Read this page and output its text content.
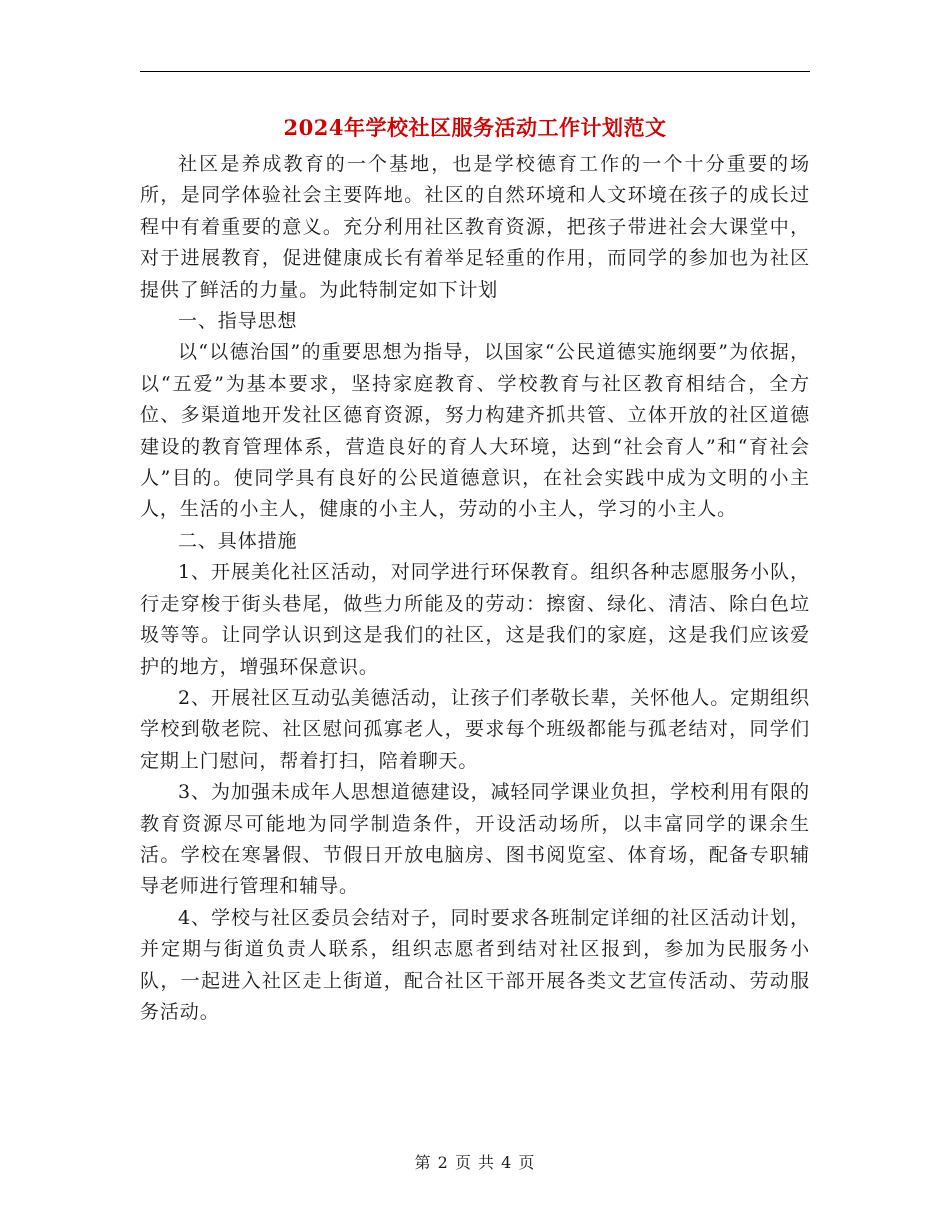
2024年学校社区服务活动工作计划范文

社区是养成教育的一个基地，也是学校德育工作的一个十分重要的场所，是同学体验社会主要阵地。社区的自然环境和人文环境在孩子的成长过程中有着重要的意义。充分利用社区教育资源，把孩子带进社会大课堂中，对于进展教育，促进健康成长有着举足轻重的作用，而同学的参加也为社区提供了鲜活的力量。为此特制定如下计划

一、指导思想

以“以德治国”的重要思想为指导，以国家“公民道德实施纲要”为依据，以“五爱”为基本要求，坚持家庭教育、学校教育与社区教育相结合，全方位、多渠道地开发社区德育资源，努力构建齐抓共管、立体开放的社区道德建设的教育管理体系，营造良好的育人大环境，达到“社会育人”和“育社会人”目的。使同学具有良好的公民道德意识，在社会实践中成为文明的小主人，生活的小主人，健康的小主人，劳动的小主人，学习的小主人。

二、具体措施

1、开展美化社区活动，对同学进行环保教育。组织各种志愿服务小队，行走穿梭于街头巷尾，做些力所能及的劳动：擦窗、绿化、清洁、除白色垃圾等等。让同学认识到这是我们的社区，这是我们的家庭，这是我们应该爱护的地方，增强环保意识。

2、开展社区互动弘美德活动，让孩子们孝敬长辈，关怀他人。定期组织学校到敬老院、社区慰问孤寡老人，要求每个班级都能与孤老结对，同学们定期上门慰问，帮着打扫，陪着聊天。

3、为加强未成年人思想道德建设，减轻同学课业负担，学校利用有限的教育资源尽可能地为同学制造条件，开设活动场所，以丰富同学的课余生活。学校在寒暑假、节假日开放电脑房、图书阅览室、体育场，配备专职辅导老师进行管理和辅导。

4、学校与社区委员会结对子，同时要求各班制定详细的社区活动计划，并定期与街道负责人联系，组织志愿者到结对社区报到，参加为民服务小队，一起进入社区走上街道，配合社区干部开展各类文艺宣传活动、劳动服务活动。

第 2 页 共 4 页
